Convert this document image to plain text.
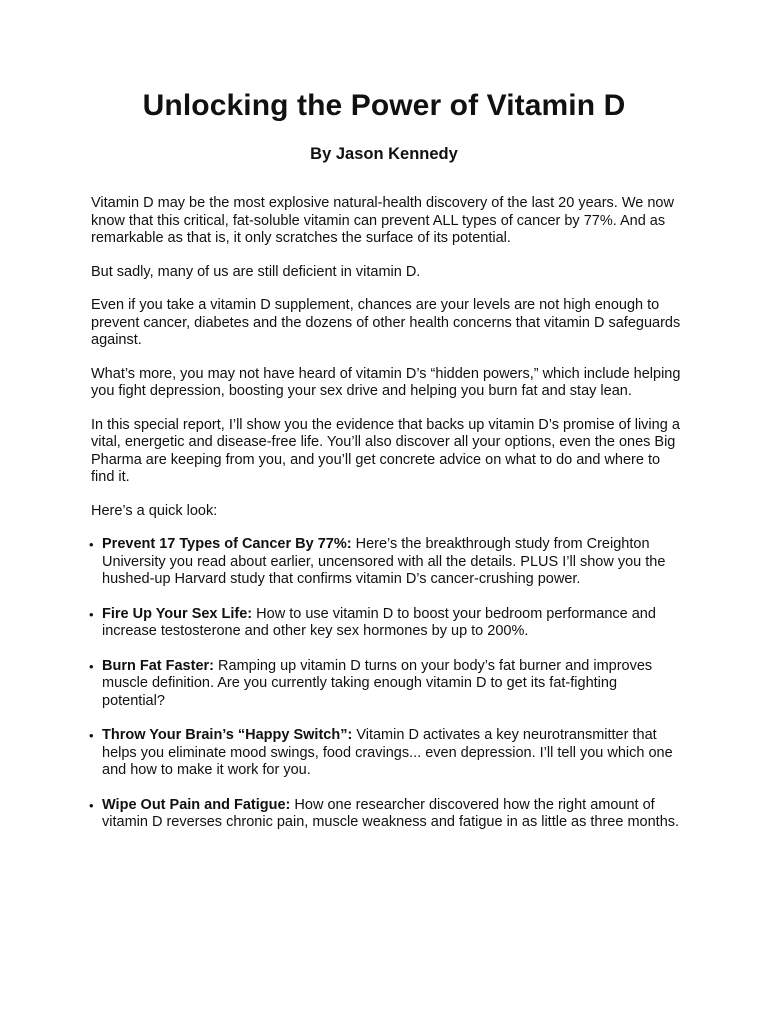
Unlocking the Power of Vitamin D
By Jason Kennedy

Vitamin D may be the most explosive natural-health discovery of the last 20 years. We now know that this critical, fat-soluble vitamin can prevent ALL types of cancer by 77%. And as remarkable as that is, it only scratches the surface of its potential.

But sadly, many of us are still deficient in vitamin D.

Even if you take a vitamin D supplement, chances are your levels are not high enough to prevent cancer, diabetes and the dozens of other health concerns that vitamin D safeguards against.

What’s more, you may not have heard of vitamin D’s “hidden powers,” which include helping you fight depression, boosting your sex drive and helping you burn fat and stay lean.

In this special report, I’ll show you the evidence that backs up vitamin D’s promise of living a vital, energetic and disease-free life. You’ll also discover all your options, even the ones Big Pharma are keeping from you, and you’ll get concrete advice on what to do and where to find it.

Here’s a quick look:

• Prevent 17 Types of Cancer By 77%: Here’s the breakthrough study from Creighton University you read about earlier, uncensored with all the details. PLUS I’ll show you the hushed-up Harvard study that confirms vitamin D’s cancer-crushing power.
• Fire Up Your Sex Life: How to use vitamin D to boost your bedroom performance and increase testosterone and other key sex hormones by up to 200%.
• Burn Fat Faster: Ramping up vitamin D turns on your body’s fat burner and improves muscle definition. Are you currently taking enough vitamin D to get its fat-fighting potential?
• Throw Your Brain’s “Happy Switch”: Vitamin D activates a key neurotransmitter that helps you eliminate mood swings, food cravings... even depression. I’ll tell you which one and how to make it work for you.
• Wipe Out Pain and Fatigue: How one researcher discovered how the right amount of vitamin D reverses chronic pain, muscle weakness and fatigue in as little as three months.
